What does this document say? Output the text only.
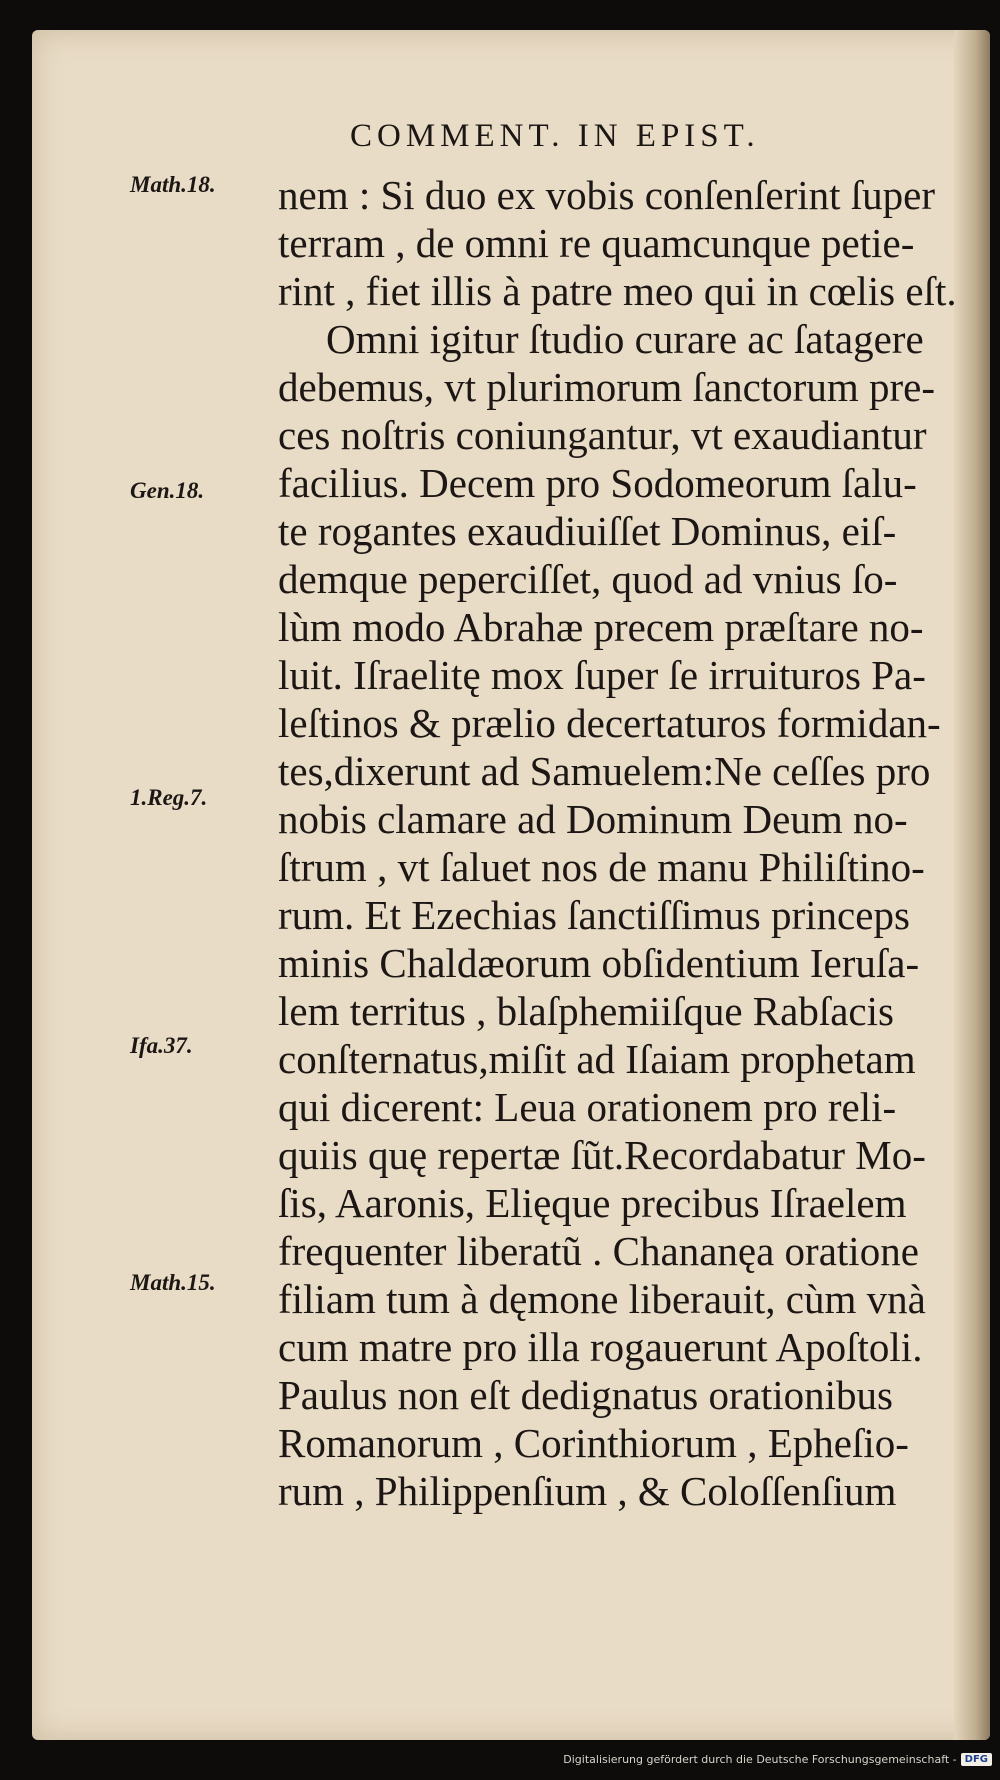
COMMENT. IN EPIST.
Math.18.
Gen.18.
1.Reg.7.
Ifa.37.
Math.15.
nem : Si duo ex vobis conſenſerint ſuper
terram , de omni re quamcunque petie-
rint , fiet illis à patre meo qui in cœlis eſt.
Omni igitur ſtudio curare ac ſatagere
debemus, vt plurimorum ſanctorum pre-
ces noſtris coniungantur, vt exaudiantur
facilius. Decem pro Sodomeorum ſalu-
te rogantes exaudiuiſſet Dominus, eiſ-
demque peperciſſet, quod ad vnius ſo-
lùm modo Abrahæ precem præſtare no-
luit. Iſraelitę mox ſuper ſe irruituros Pa-
leſtinos & prælio decertaturos formidan-
tes,dixerunt ad Samuelem:Ne ceſſes pro
nobis clamare ad Dominum Deum no-
ſtrum , vt ſaluet nos de manu Philiſtino-
rum. Et Ezechias ſanctiſſimus princeps
minis Chaldæorum obſidentium Ieruſa-
lem territus , blaſphemiiſque Rabſacis
conſternatus,miſit ad Iſaiam prophetam
qui dicerent: Leua orationem pro reli-
quiis quę repertæ ſũt.Recordabatur Mo-
ſis, Aaronis, Elięque precibus Iſraelem
frequenter liberatũ . Chananęa oratione
filiam tum à dęmone liberauit, cùm vnà
cum matre pro illa rogauerunt Apoſtoli.
Paulus non eſt dedignatus orationibus
Romanorum , Corinthiorum , Epheſio-
rum , Philippenſium , & Coloſſenſium
Digitalisierung gefördert durch die Deutsche Forschungsgemeinschaft - DFG
